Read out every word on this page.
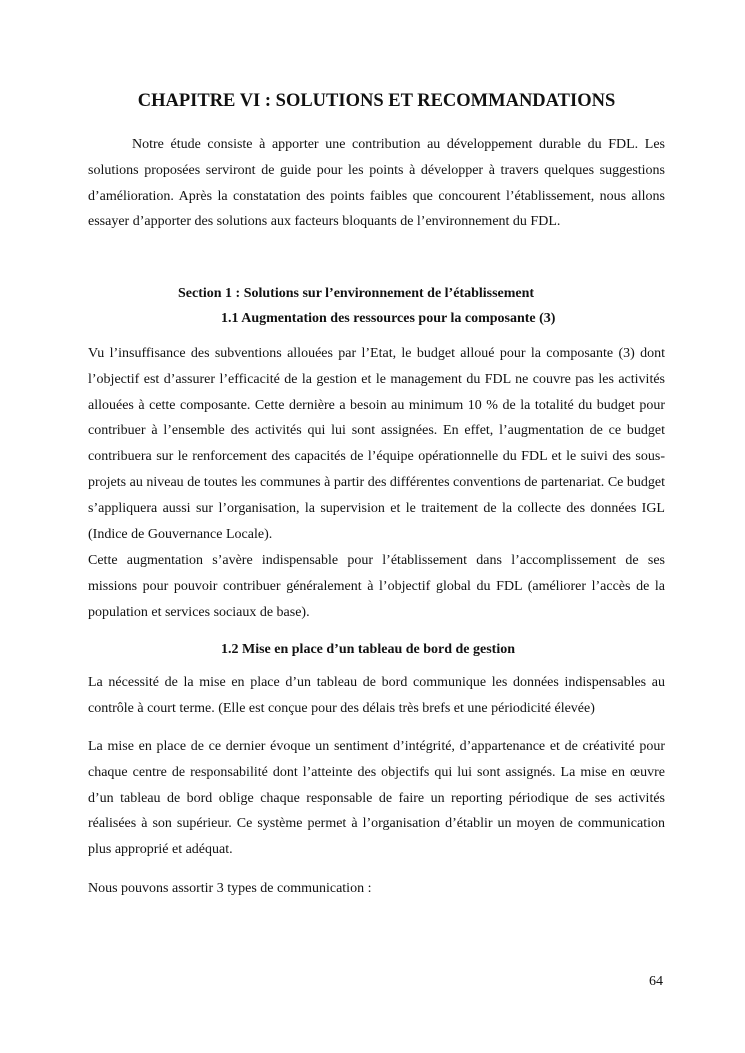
CHAPITRE VI : SOLUTIONS ET RECOMMANDATIONS

Notre étude consiste à apporter une contribution au développement durable du FDL. Les solutions proposées serviront de guide pour les points à développer à travers quelques suggestions d’amélioration. Après la constatation des points faibles que concourent l’établissement, nous allons essayer d’apporter des solutions aux facteurs bloquants de l’environnement du FDL.

Section 1 : Solutions sur l’environnement de l’établissement
1.1 Augmentation des ressources pour la composante (3)

Vu l’insuffisance des subventions allouées par l’Etat, le budget alloué pour la composante (3) dont l’objectif est d’assurer l’efficacité de la gestion et le management du FDL ne couvre pas les activités allouées à cette composante. Cette dernière a besoin au minimum 10 % de la totalité du budget pour contribuer à l’ensemble des activités qui lui sont assignées. En effet, l’augmentation de ce budget contribuera sur le renforcement des capacités de l’équipe opérationnelle du FDL et le suivi des sous-projets au niveau de toutes les communes à partir des différentes conventions de partenariat. Ce budget s’appliquera aussi sur l’organisation, la supervision et le traitement de la collecte des données IGL (Indice de Gouvernance Locale).

Cette augmentation s’avère indispensable pour l’établissement dans l’accomplissement de ses missions pour pouvoir contribuer généralement à l’objectif global du FDL (améliorer l’accès de la population et services sociaux de base).

1.2 Mise en place d’un tableau de bord de gestion

La nécessité de la mise en place d’un tableau de bord communique les données indispensables au contrôle à court terme. (Elle est conçue pour des délais très brefs et une périodicité élevée)

La mise en place de ce dernier évoque un sentiment d’intégrité, d’appartenance et de créativité pour chaque centre de responsabilité dont l’atteinte des objectifs qui lui sont assignés. La mise en œuvre d’un tableau de bord oblige chaque responsable de faire un reporting périodique de ses activités réalisées à son supérieur. Ce système permet à l’organisation d’établir un moyen de communication plus approprié et adéquat.

Nous pouvons assortir 3 types de communication :

64
